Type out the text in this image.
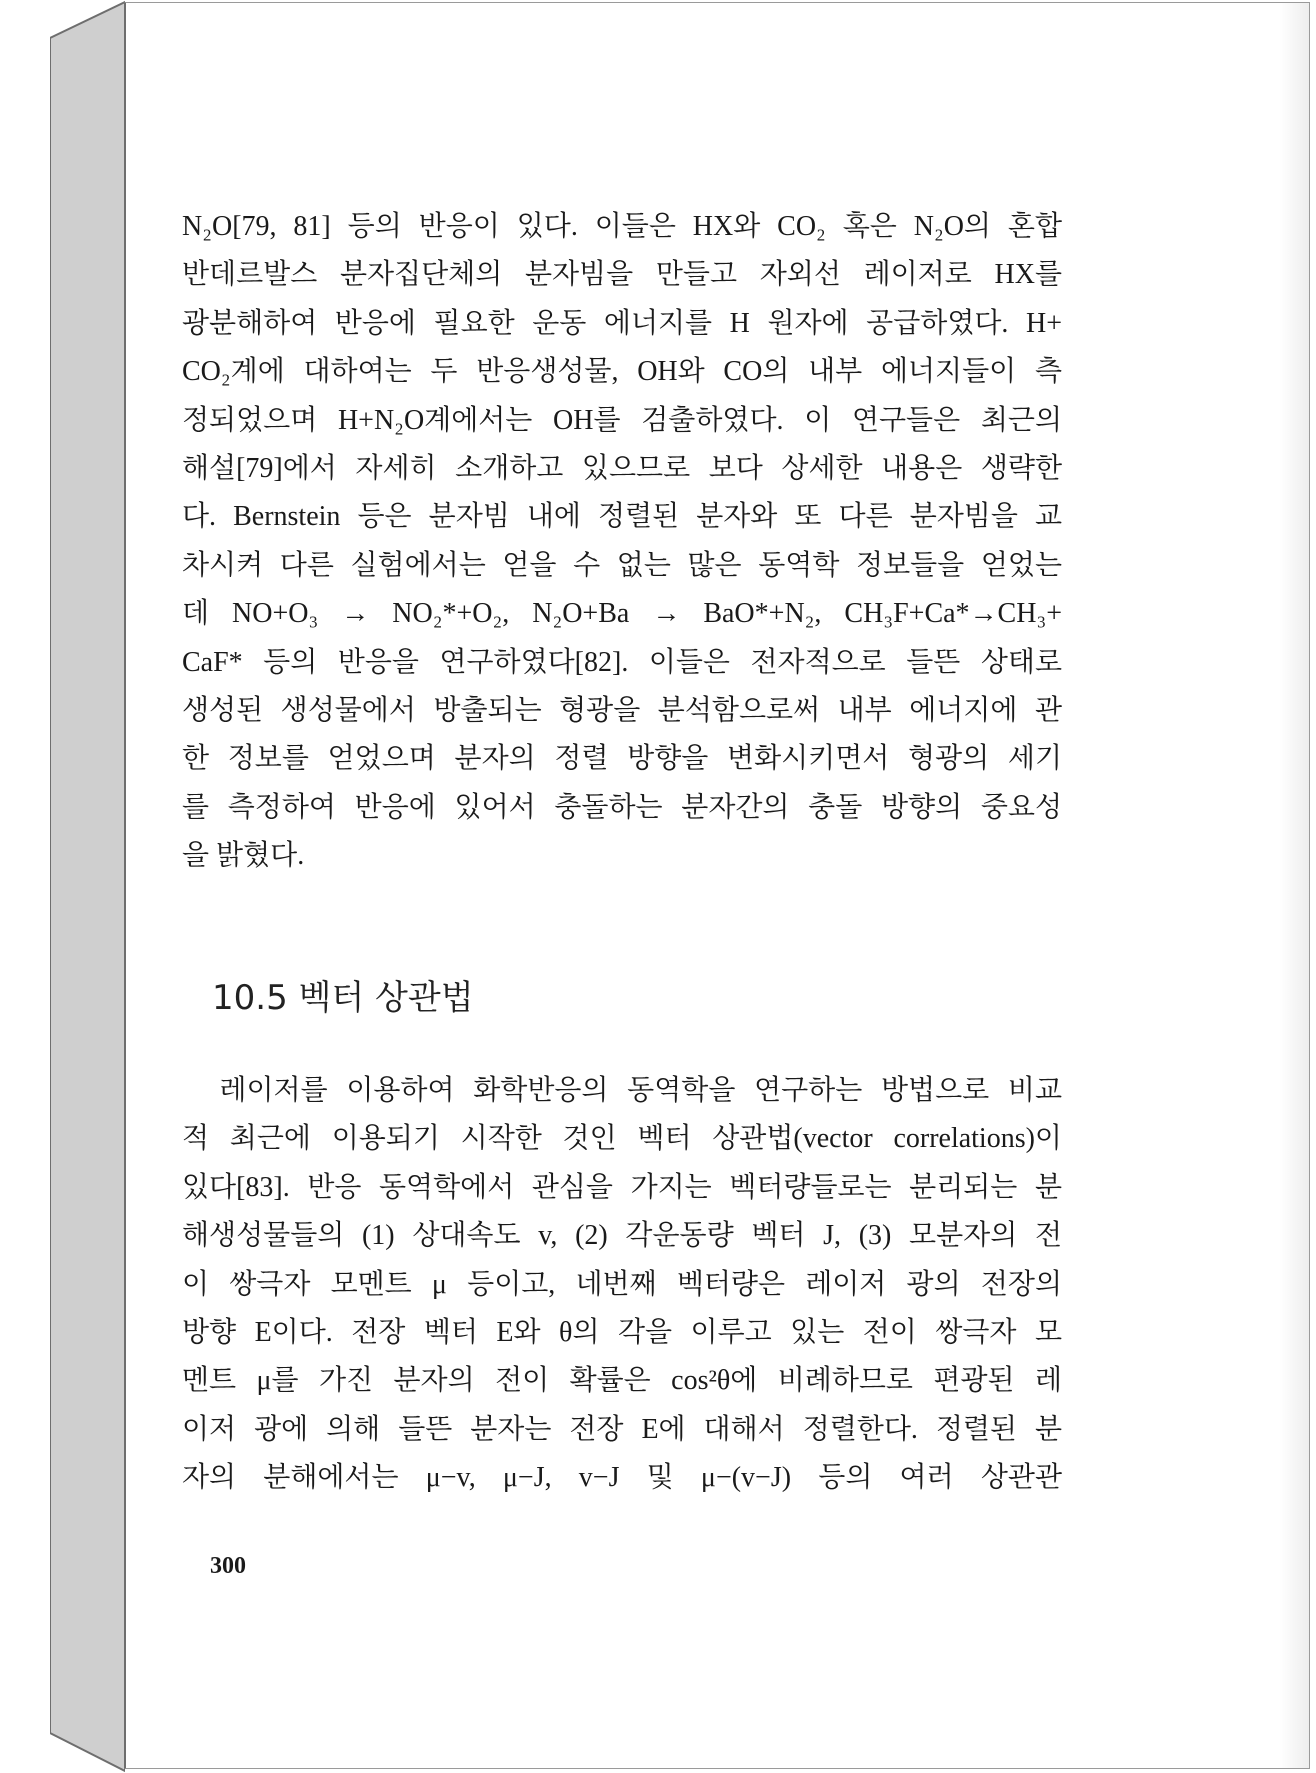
N₂O[79, 81] 등의 반응이 있다. 이들은 HX와 CO₂ 혹은 N₂O의 혼합
반데르발스 분자집단체의 분자빔을 만들고 자외선 레이저로 HX를
광분해하여 반응에 필요한 운동 에너지를 H 원자에 공급하였다. H+
CO₂계에 대하여는 두 반응생성물, OH와 CO의 내부 에너지들이 측
정되었으며 H+N₂O계에서는 OH를 검출하였다. 이 연구들은 최근의
해설[79]에서 자세히 소개하고 있으므로 보다 상세한 내용은 생략한
다. Bernstein 등은 분자빔 내에 정렬된 분자와 또 다른 분자빔을 교
차시켜 다른 실험에서는 얻을 수 없는 많은 동역학 정보들을 얻었는
데 NO+O₃ → NO₂*+O₂, N₂O+Ba → BaO*+N₂, CH₃F+Ca*→CH₃+
CaF* 등의 반응을 연구하였다[82]. 이들은 전자적으로 들뜬 상태로
생성된 생성물에서 방출되는 형광을 분석함으로써 내부 에너지에 관
한 정보를 얻었으며 분자의 정렬 방향을 변화시키면서 형광의 세기
를 측정하여 반응에 있어서 충돌하는 분자간의 충돌 방향의 중요성
을 밝혔다.
10.5 벡터 상관법
레이저를 이용하여 화학반응의 동역학을 연구하는 방법으로 비교
적 최근에 이용되기 시작한 것인 벡터 상관법(vector correlations)이
있다[83]. 반응 동역학에서 관심을 가지는 벡터량들로는 분리되는 분
해생성물들의 (1) 상대속도 v, (2) 각운동량 벡터 J, (3) 모분자의 전
이 쌍극자 모멘트 μ 등이고, 네번째 벡터량은 레이저 광의 전장의
방향 E이다. 전장 벡터 E와 θ의 각을 이루고 있는 전이 쌍극자 모
멘트 μ를 가진 분자의 전이 확률은 cos²θ에 비례하므로 편광된 레
이저 광에 의해 들뜬 분자는 전장 E에 대해서 정렬한다. 정렬된 분
자의 분해에서는 μ−v, μ−J, v−J 및 μ−(v−J) 등의 여러 상관관
300
